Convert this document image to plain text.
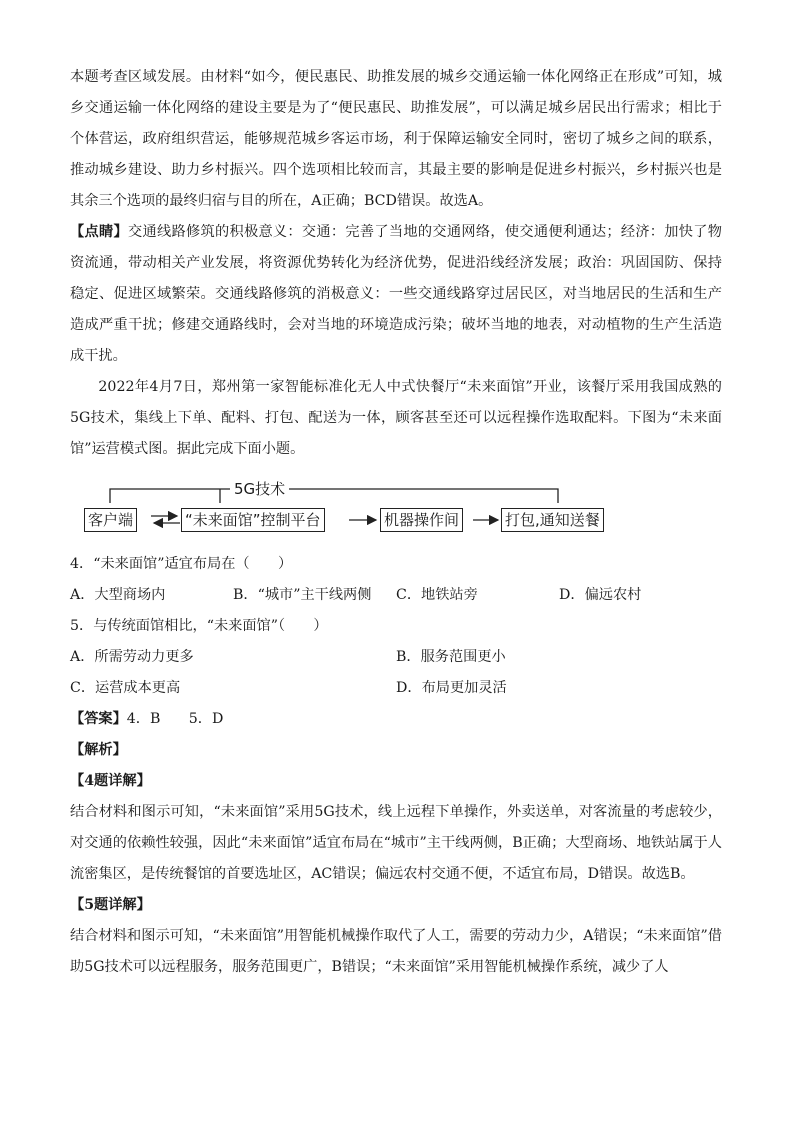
本题考查区域发展。由材料“如今，便民惠民、助推发展的城乡交通运输一体化网络正在形成”可知，城乡交通运输一体化网络的建设主要是为了“便民惠民、助推发展”，可以满足城乡居民出行需求；相比于个体营运，政府组织营运，能够规范城乡客运市场，利于保障运输安全同时，密切了城乡之间的联系，推动城乡建设、助力乡村振兴。四个选项相比较而言，其最主要的影响是促进乡村振兴，乡村振兴也是其余三个选项的最终归宿与目的所在，A正确；BCD错误。故选A。

【点睛】交通线路修筑的积极意义：交通：完善了当地的交通网络，使交通便利通达；经济：加快了物资流通，带动相关产业发展，将资源优势转化为经济优势，促进沿线经济发展；政治：巩固国防、保持稳定、促进区域繁荣。交通线路修筑的消极意义：一些交通线路穿过居民区，对当地居民的生活和生产造成严重干扰；修建交通路线时，会对当地的环境造成污染；破坏当地的地表，对动植物的生产生活造成干扰。

2022年4月7日，郑州第一家智能标准化无人中式快餐厅“未来面馆”开业，该餐厅采用我国成熟的5G技术，集线上下单、配料、打包、配送为一体，顾客甚至还可以远程操作选取配料。下图为“未来面馆”运营模式图。据此完成下面小题。

5G技术
客户端	“未来面馆”控制平台	机器操作间	打包,通知送餐

4．“未来面馆”适宜布局在（　　）

A．大型商场内	B．“城市”主干线两侧	C．地铁站旁	D．偏远农村

5．与传统面馆相比，“未来面馆”（　　）

A．所需劳动力更多	B．服务范围更小
C．运营成本更高	D．布局更加灵活

【答案】4．B　　5．D

【解析】

【4题详解】

结合材料和图示可知，“未来面馆”采用5G技术，线上远程下单操作，外卖送单，对客流量的考虑较少，对交通的依赖性较强，因此“未来面馆”适宜布局在“城市”主干线两侧，B正确；大型商场、地铁站属于人流密集区，是传统餐馆的首要选址区，AC错误；偏远农村交通不便，不适宜布局，D错误。故选B。

【5题详解】

结合材料和图示可知，“未来面馆”用智能机械操作取代了人工，需要的劳动力少，A错误；“未来面馆”借助5G技术可以远程服务，服务范围更广，B错误；“未来面馆”采用智能机械操作系统，减少了人
